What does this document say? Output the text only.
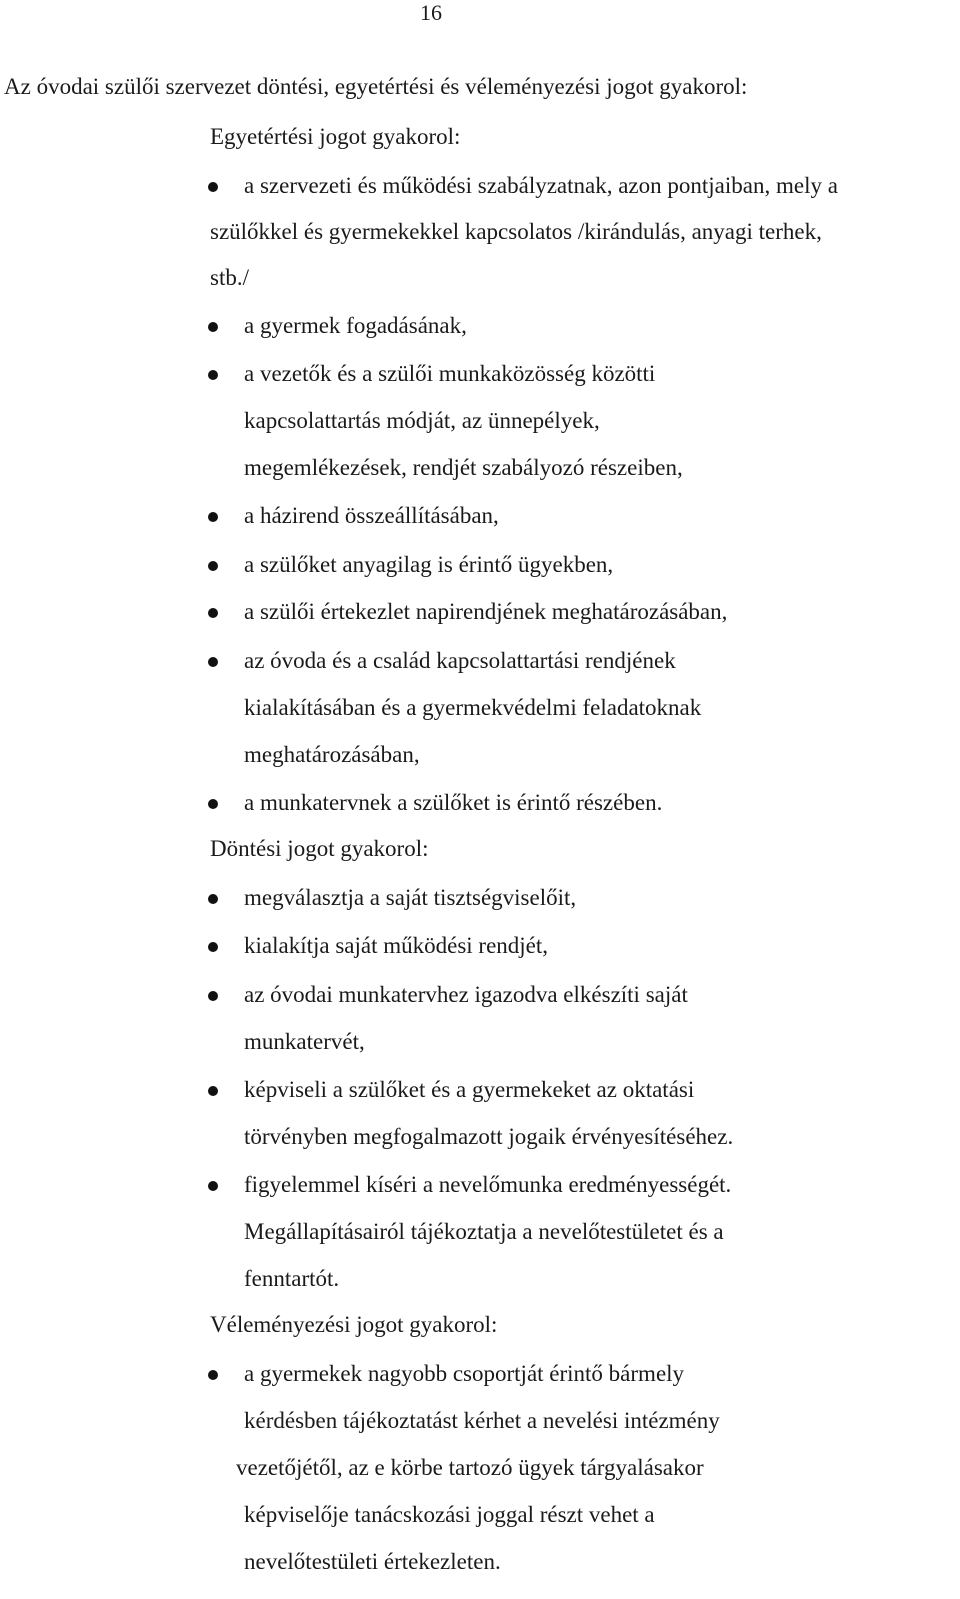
16
Az óvodai szülői szervezet döntési, egyetértési és véleményezési jogot gyakorol:
Egyetértési jogot gyakorol:
a szervezeti és működési szabályzatnak, azon pontjaiban, mely a
szülőkkel és gyermekekkel kapcsolatos /kirándulás, anyagi terhek,
stb./
a gyermek fogadásának,
a vezetők és a szülői munkaközösség közötti
kapcsolattartás módját, az ünnepélyek,
megemlékezések, rendjét szabályozó részeiben,
a házirend összeállításában,
a szülőket anyagilag is érintő ügyekben,
a szülői értekezlet napirendjének meghatározásában,
az óvoda és a család kapcsolattartási rendjének
kialakításában és a gyermekvédelmi feladatoknak
meghatározásában,
a munkatervnek a szülőket is érintő részében.
Döntési jogot gyakorol:
megválasztja a saját tisztségviselőit,
kialakítja saját működési rendjét,
az óvodai munkatervhez igazodva elkészíti saját
munkatervét,
képviseli a szülőket és a gyermekeket az oktatási
törvényben megfogalmazott jogaik érvényesítéséhez.
figyelemmel kíséri a nevelőmunka eredményességét.
Megállapításairól tájékoztatja a nevelőtestületet és a
fenntartót.
Véleményezési jogot gyakorol:
a gyermekek nagyobb csoportját érintő bármely
kérdésben tájékoztatást kérhet a nevelési intézmény
vezetőjétől, az e körbe tartozó ügyek tárgyalásakor
képviselője tanácskozási joggal részt vehet a
nevelőtestületi értekezleten.
